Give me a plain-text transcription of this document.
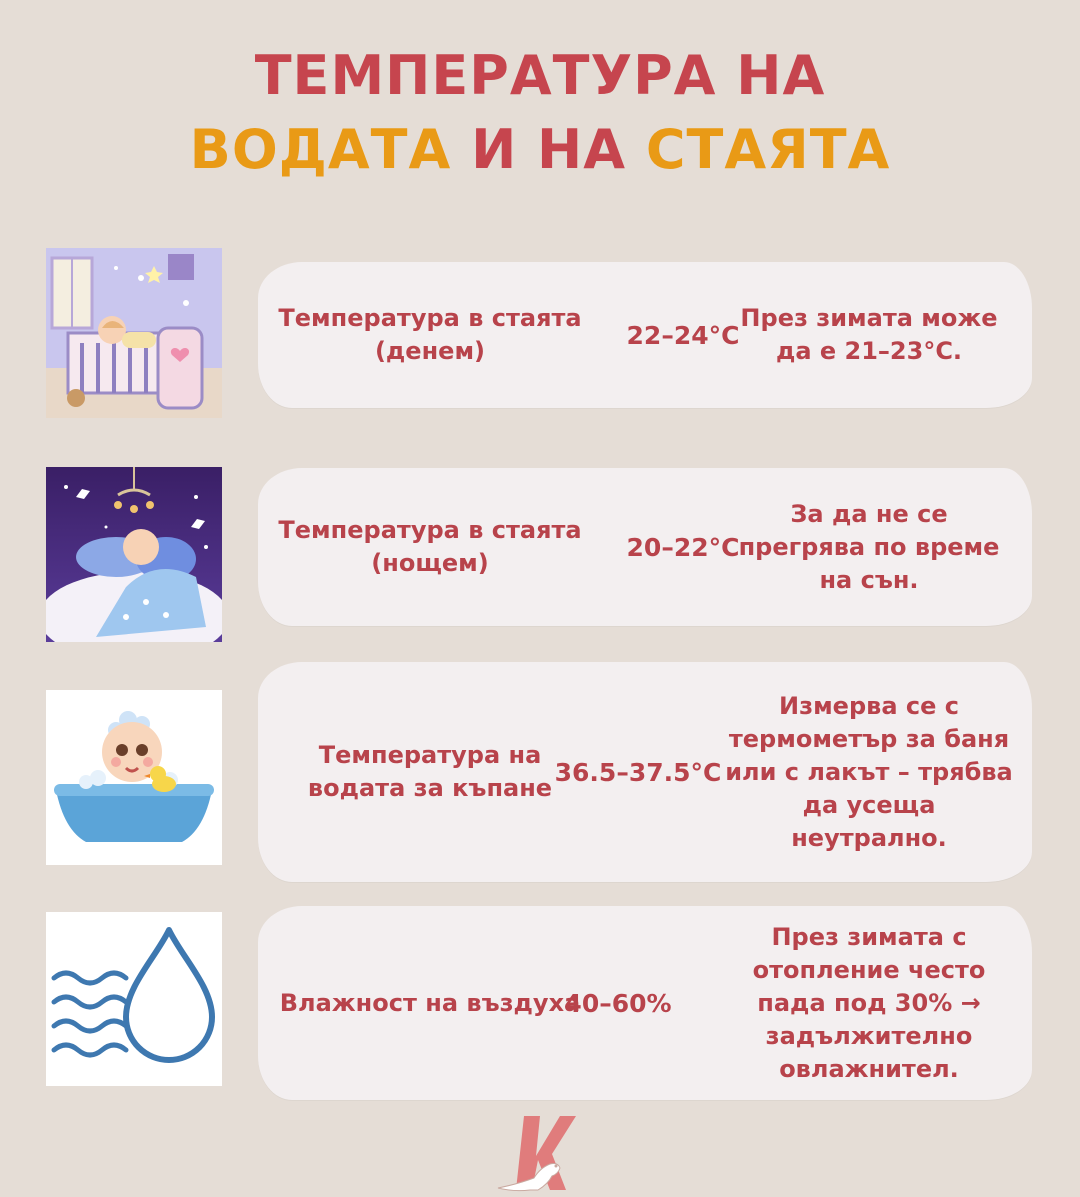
ТЕМПЕРАТУРА НА
ВОДАТА И НА СТАЯТА
Температура в стаята (денем)
22–24°C
През зимата може да е 21–23°C.
Температура в стаята (нощем)
20–22°C
За да не се прегрява по време на сън.
Температура на водата за къпане
36.5–37.5°C
Измерва се с термометър за баня или с лакът – трябва да усеща неутрално.
Влажност на въздуха
40–60%
През зимата с отопление често пада под 30% → задължително овлажнител.
